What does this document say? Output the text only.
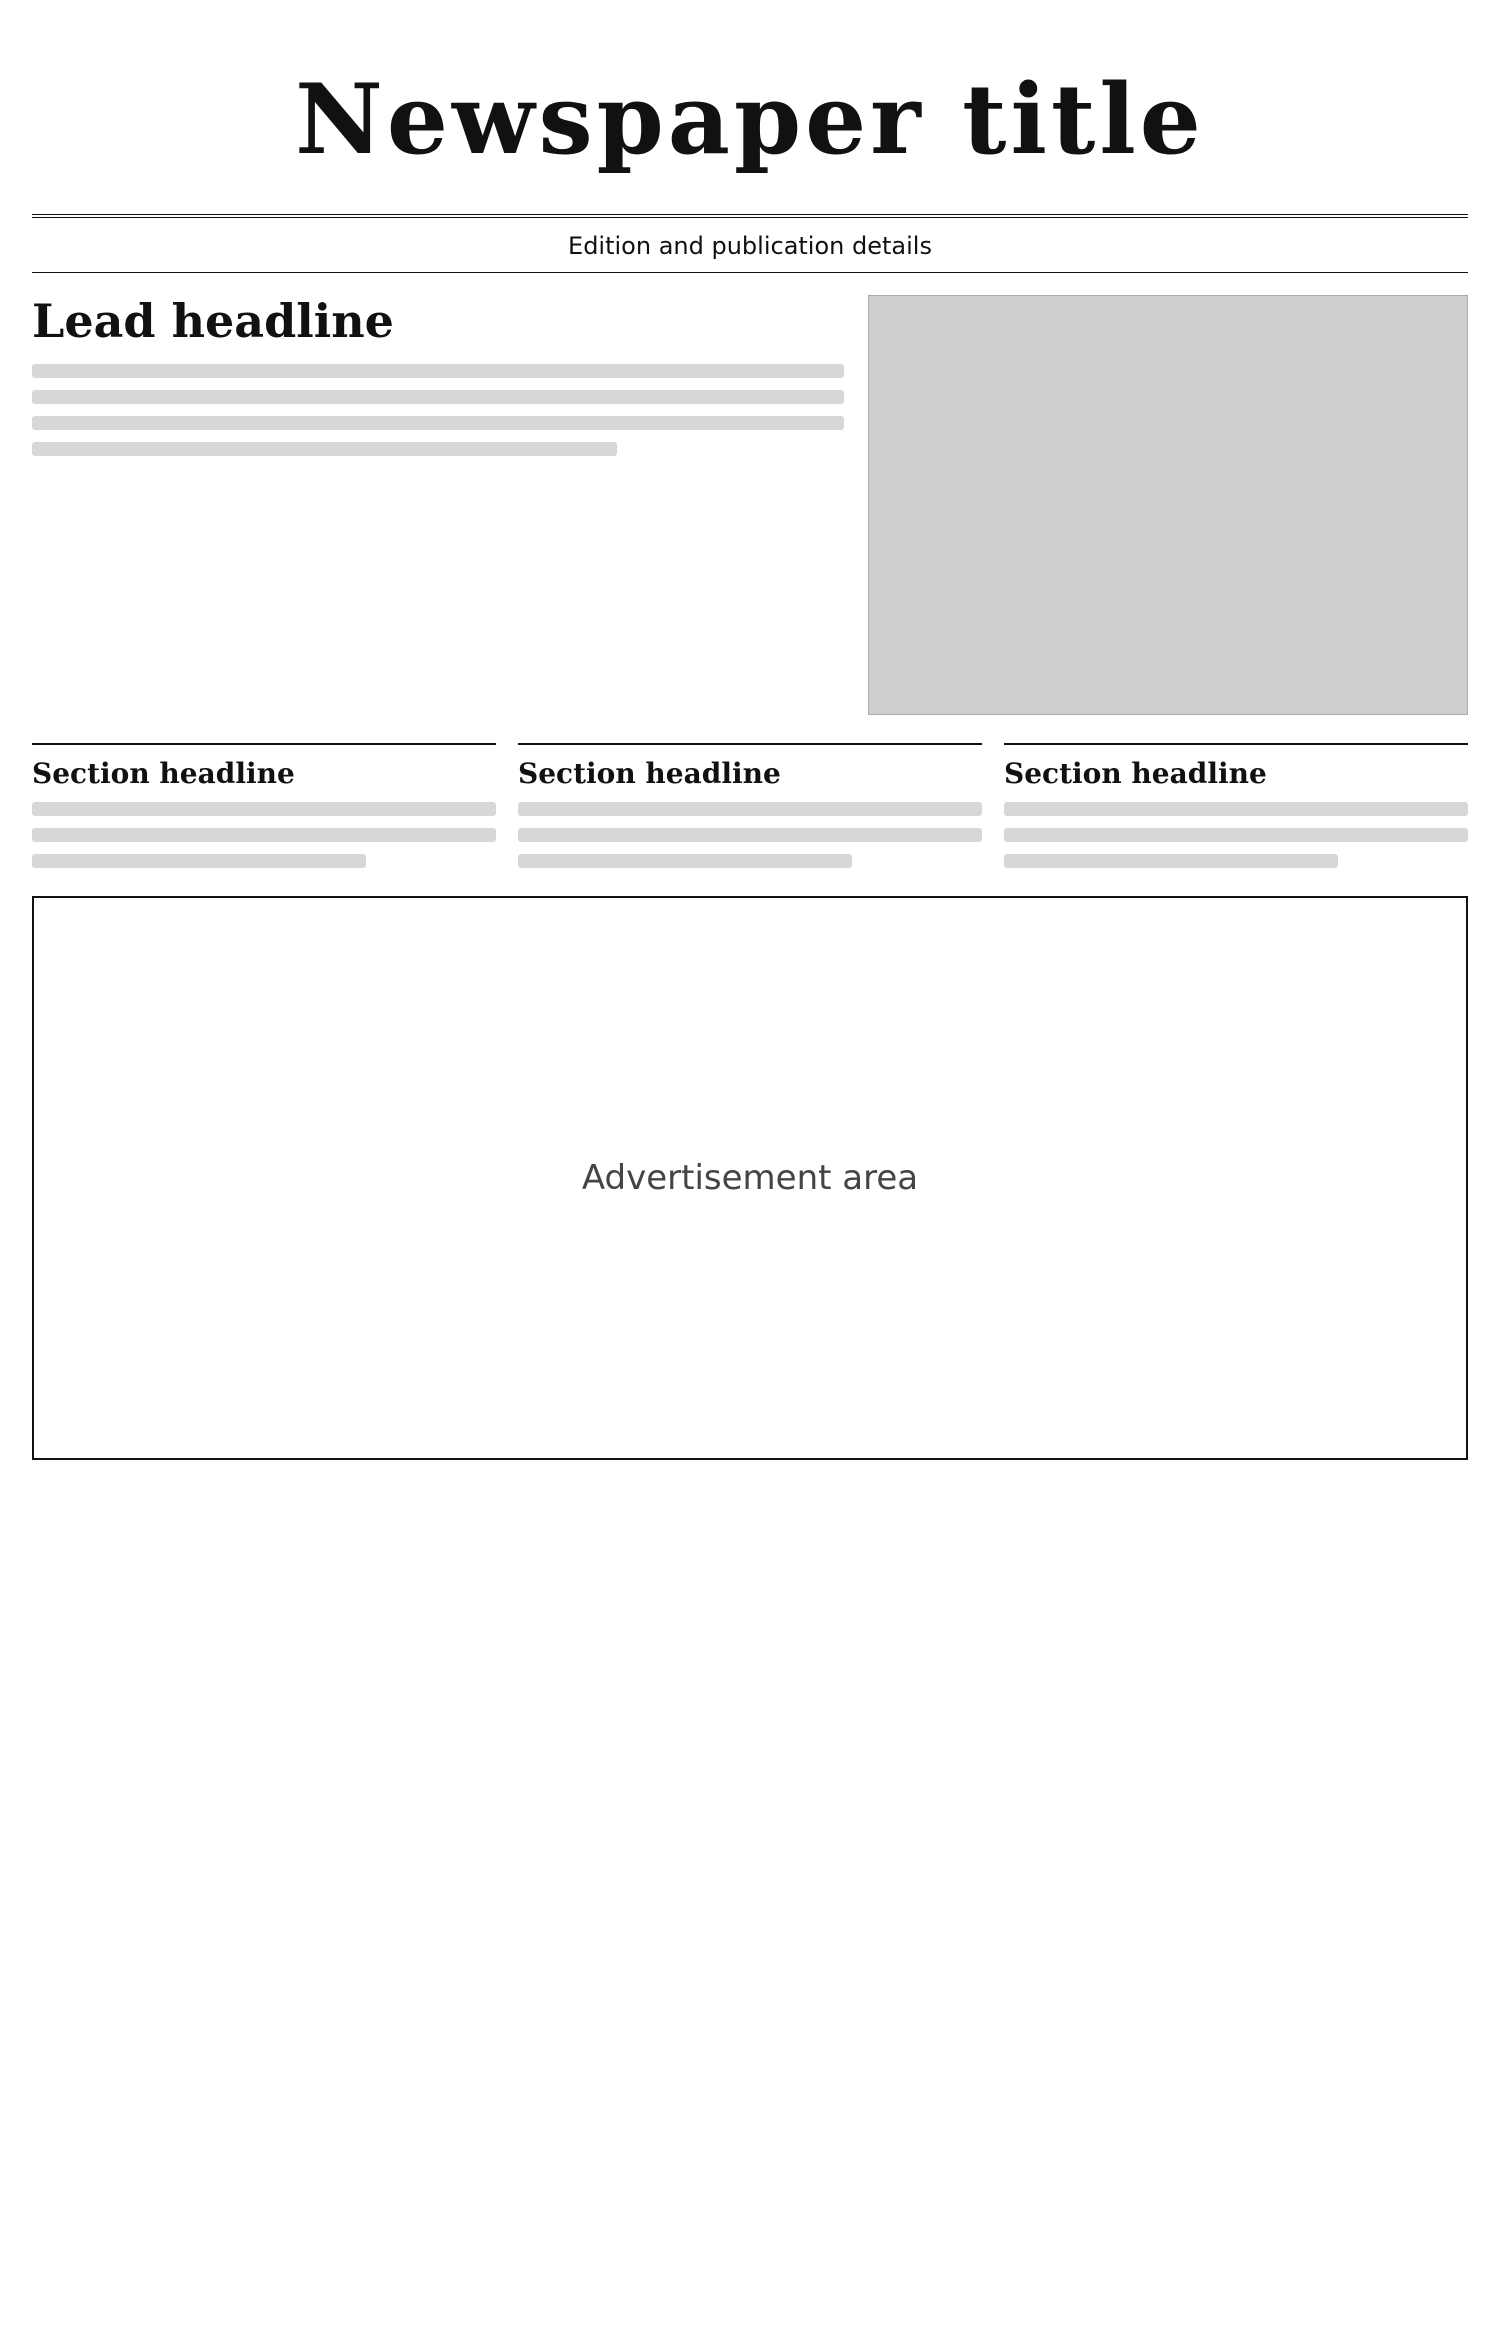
Newspaper title
Edition and publication details
Lead headline
Section headline	Section headline	Section headline
Advertisement area
